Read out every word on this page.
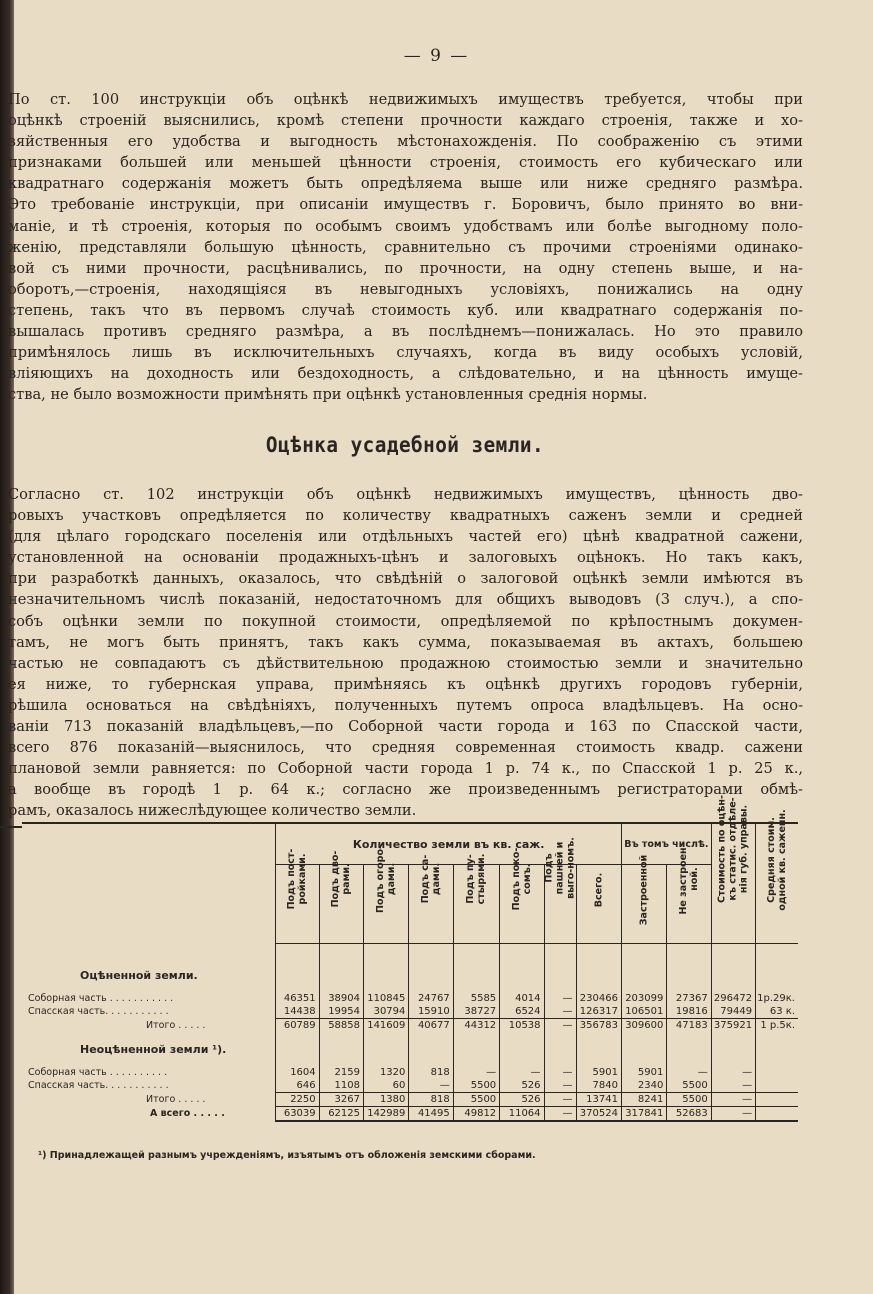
— 9 —
По ст. 100 инструкціи объ оцѣнкѣ недвижимыхъ имуществъ требуется, чтобы при
оцѣнкѣ строеній выяснились, кромѣ степени прочности каждаго строенія, также и хо-
зяйственныя его удобства и выгодность мѣстонахожденія. По соображенію съ этими
признаками большей или меньшей цѣнности строенія, стоимость его кубическаго или
квадратнаго содержанія можетъ быть опредѣляема выше или ниже средняго размѣра.
Это требованіе инструкціи, при описаніи имуществъ г. Боровичъ, было принято во вни-
маніе, и тѣ строенія, которыя по особымъ своимъ удобствамъ или болѣе выгодному поло-
женію, представляли большую цѣнность, сравнительно съ прочими строеніями одинако-
вой съ ними прочности, расцѣнивались, по прочности, на одну степень выше, и на-
оборотъ,—строенія, находящіяся въ невыгодныхъ условіяхъ, понижались на одну
степень, такъ что въ первомъ случаѣ стоимость куб. или квадратнаго содержанія по-
вышалась противъ средняго размѣра, а въ послѣднемъ—понижалась. Но это правило
примѣнялось лишь въ исключительныхъ случаяхъ, когда въ виду особыхъ условій,
вліяющихъ на доходность или бездоходность, а слѣдовательно, и на цѣнность имуще-
ства, не было возможности примѣнять при оцѣнкѣ установленныя среднія нормы.
Оцѣнка усадебной земли.
Согласно ст. 102 инструкціи объ оцѣнкѣ недвижимыхъ имуществъ, цѣнность дво-
ровыхъ участковъ опредѣляется по количеству квадратныхъ саженъ земли и средней
(для цѣлаго городскаго поселенія или отдѣльныхъ частей его) цѣнѣ квадратной сажени,
установленной на основаніи продажныхъ-цѣнъ и залоговыхъ оцѣнокъ. Но такъ какъ,
при разработкѣ данныхъ, оказалось, что свѣдѣній о залоговой оцѣнкѣ земли имѣются въ
незначительномъ числѣ показаній, недостаточномъ для общихъ выводовъ (3 случ.), а спо-
собъ оцѣнки земли по покупной стоимости, опредѣляемой по крѣпостнымъ докумен-
тамъ, не могъ быть принятъ, такъ какъ сумма, показываемая въ актахъ, большею
частью не совпадаютъ съ дѣйствительною продажною стоимостью земли и значительно
ея ниже, то губернская управа, примѣняясь къ оцѣнкѣ другихъ городовъ губерніи,
рѣшила основаться на свѣдѣніяхъ, полученныхъ путемъ опроса владѣльцевъ. На осно-
ваніи 713 показаній владѣльцевъ,—по Соборной части города и 163 по Спасской части,
всего 876 показаній—выяснилось, что средняя современная стоимость квадр. сажени
плановой земли равняется: по Соборной части города 1 р. 74 к., по Спасской 1 р. 25 к.,
а вообще въ городѣ 1 р. 64 к.; согласно же произведеннымъ регистраторами обмѣ-
рамъ, оказалось нижеслѣдующее количество земли.
	Количество земли въ кв. саж.								Въ томъ числѣ.		Стоимость по оцѣн-къ статис. отдѣле-нія губ. управы.	Средняя стоим. одной кв. саженн.

	Подъ пост-ройками.	Подъ дво-рами.	Подъ огоро-дами.	Подъ са-дами.	Подъ пу-стырями.	Подъ поко-сомъ.	Подъ пашней и выго-номъ.	Всего.	Застроенной	Не застроен-ной.		

Оцѣненной земли.												

Соборная часть . . . . . . . . . . .	46351	38904	110845	24767	5585	4014	—	230466	203099	27367	296472	1р.29к.
Спасская часть. . . . . . . . . . .	14438	19954	30794	15910	38727	6524	—	126317	106501	19816	79449	63 к.
Итого . . . . .	60789	58858	141609	40677	44312	10538	—	356783	309600	47183	375921	1 р.5к.
Неоцѣненной земли ¹).												

Соборная часть . . . . . . . . . .	1604	2159	1320	818	—	—	—	5901	5901	—	—	
Спасская часть. . . . . . . . . . .	646	1108	60	—	5500	526	—	7840	2340	5500	—	
Итого . . . . .	2250	3267	1380	818	5500	526	—	13741	8241	5500	—	
А всего . . . . .	63039	62125	142989	41495	49812	11064	—	370524	317841	52683	—	
¹) Принадлежащей разнымъ учрежденіямъ, изъятымъ отъ обложенія земскими сборами.
